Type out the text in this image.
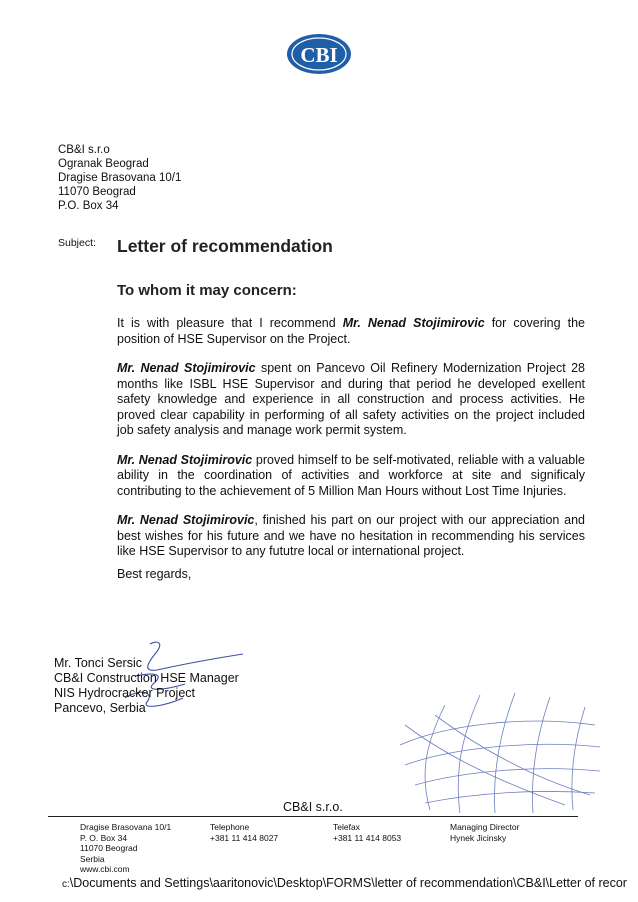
CBI
CB&I s.r.o
Ogranak Beograd
Dragise Brasovana 10/1
11070 Beograd
P.O. Box 34
Subject: Letter of recommendation
To whom it may concern:

It is with pleasure that I recommend Mr. Nenad Stojimirovic for covering the position of HSE Supervisor on the Project.

Mr. Nenad Stojimirovic spent on Pancevo Oil Refinery Modernization Project 28 months like ISBL HSE Supervisor and during that period he developed exellent safety knowledge and experience in all construction and process activities. He proved clear capability in performing of all safety activities on the project included job safety analysis and manage work permit system.

Mr. Nenad Stojimirovic proved himself to be self-motivated, reliable with a valuable ability in the coordination of activities and workforce at site and significaly contributing to the achievement of 5 Million Man Hours without Lost Time Injuries.

Mr. Nenad Stojimirovic, finished his part on our project with our appreciation and best wishes for his future and we have no hesitation in recommending his services like HSE Supervisor to any fututre local or international project.

Best regards,
Mr. Tonci Sersic
CB&I Construction HSE Manager
NIS Hydrocracker Project
Pancevo, Serbia
CB&I s.r.o.
Dragise Brasovana 10/1
P. O. Box 34
11070 Beograd
Serbia
www.cbi.com
Telephone
+381 11 414 8027
Telefax
+381 11 414 8053
Managing Director
Hynek Jicinsky
c:\Documents and Settings\aaritonovic\Desktop\FORMS\letter of recommendation\CB&I\Letter of recor
